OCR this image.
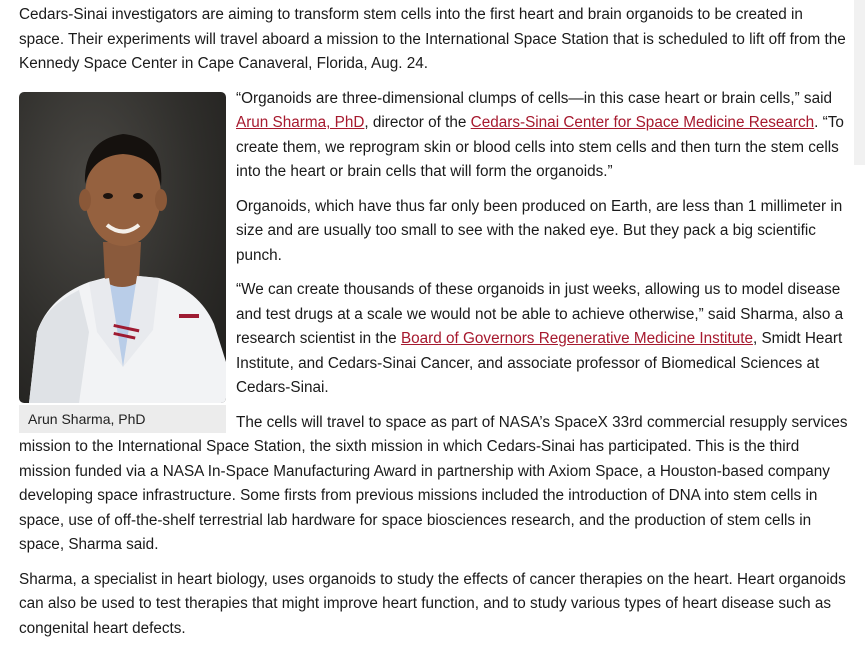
Cedars-Sinai investigators are aiming to transform stem cells into the first heart and brain organoids to be created in space. Their experiments will travel aboard a mission to the International Space Station that is scheduled to lift off from the Kennedy Space Center in Cape Canaveral, Florida, Aug. 24.

Arun Sharma, PhD

“Organoids are three-dimensional clumps of cells—in this case heart or brain cells,” said Arun Sharma, PhD, director of the Cedars-Sinai Center for Space Medicine Research. “To create them, we reprogram skin or blood cells into stem cells and then turn the stem cells into the heart or brain cells that will form the organoids.”

Organoids, which have thus far only been produced on Earth, are less than 1 millimeter in size and are usually too small to see with the naked eye. But they pack a big scientific punch.

“We can create thousands of these organoids in just weeks, allowing us to model disease and test drugs at a scale we would not be able to achieve otherwise,” said Sharma, also a research scientist in the Board of Governors Regenerative Medicine Institute, Smidt Heart Institute, and Cedars-Sinai Cancer, and associate professor of Biomedical Sciences at Cedars-Sinai.

The cells will travel to space as part of NASA’s SpaceX 33rd commercial resupply services mission to the International Space Station, the sixth mission in which Cedars-Sinai has participated. This is the third mission funded via a NASA In-Space Manufacturing Award in partnership with Axiom Space, a Houston-based company developing space infrastructure. Some firsts from previous missions included the introduction of DNA into stem cells in space, use of off-the-shelf terrestrial lab hardware for space biosciences research, and the production of stem cells in space, Sharma said.

Sharma, a specialist in heart biology, uses organoids to study the effects of cancer therapies on the heart. Heart organoids can also be used to test therapies that might improve heart function, and to study various types of heart disease such as congenital heart defects.
